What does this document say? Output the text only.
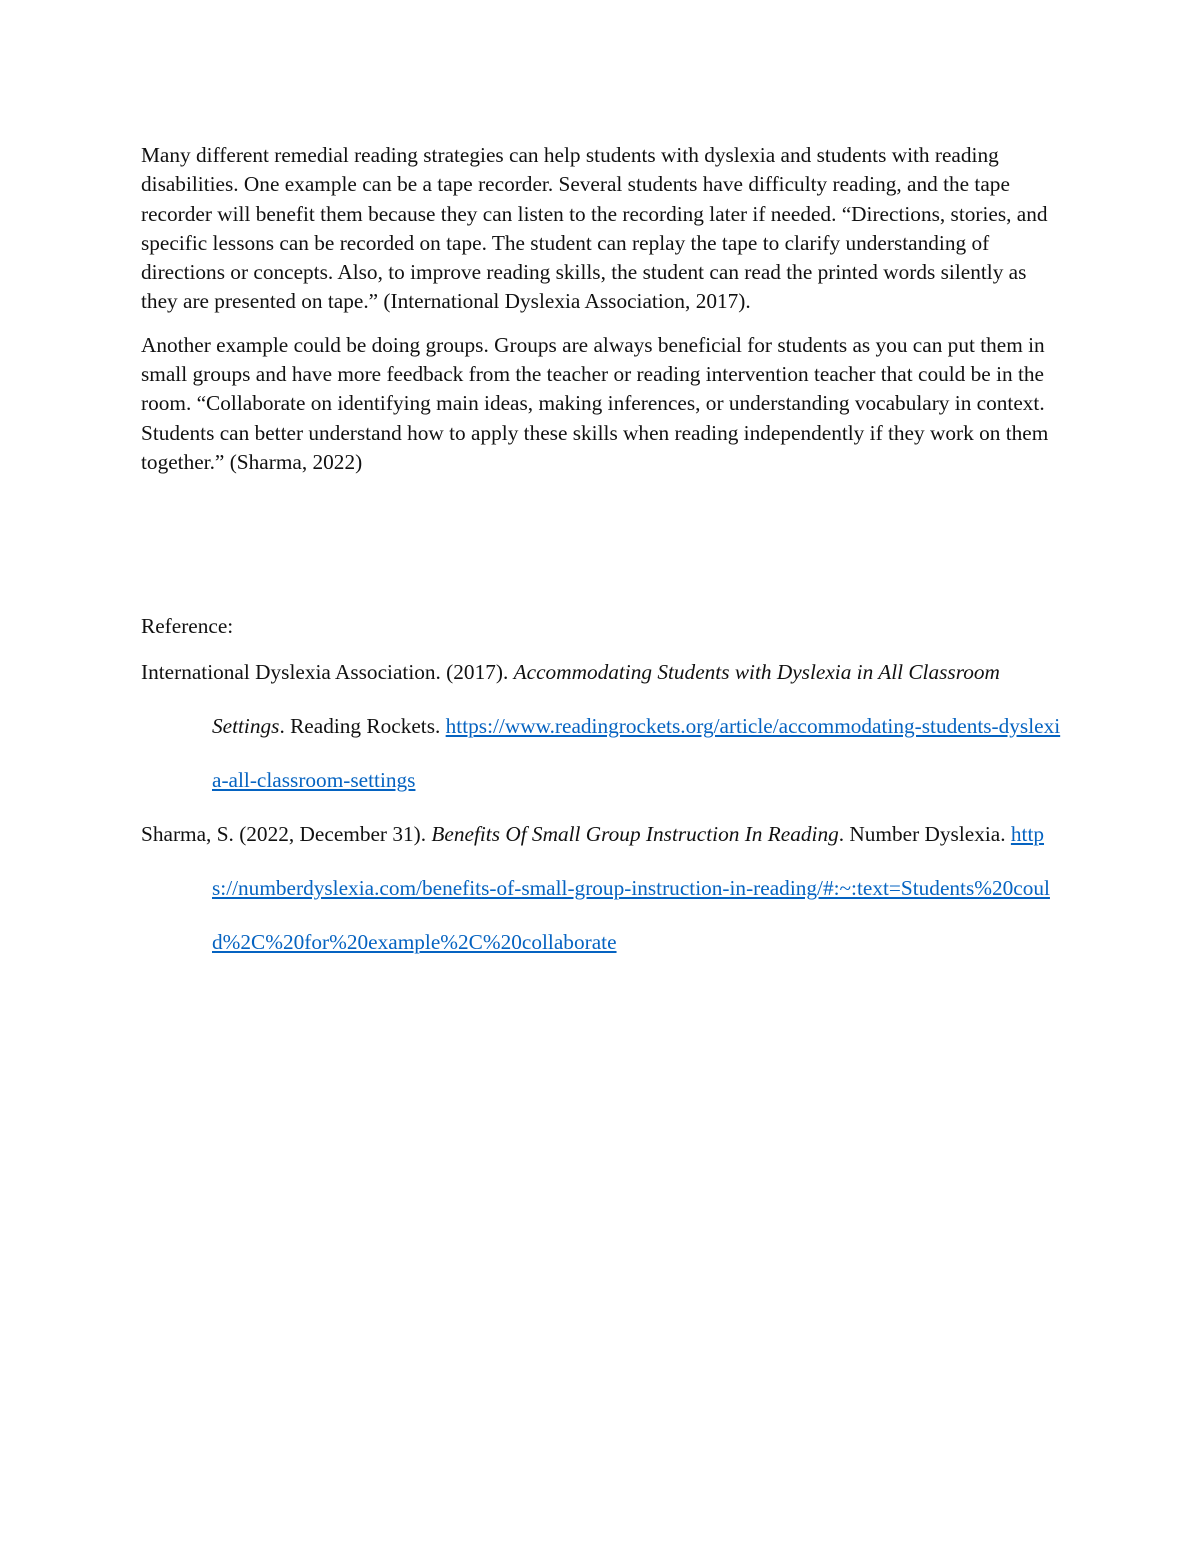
Many different remedial reading strategies can help students with dyslexia and students with reading disabilities. One example can be a tape recorder. Several students have difficulty reading, and the tape recorder will benefit them because they can listen to the recording later if needed. “Directions, stories, and specific lessons can be recorded on tape. The student can replay the tape to clarify understanding of directions or concepts. Also, to improve reading skills, the student can read the printed words silently as they are presented on tape.” (International Dyslexia Association, 2017).

Another example could be doing groups. Groups are always beneficial for students as you can put them in small groups and have more feedback from the teacher or reading intervention teacher that could be in the room. “Collaborate on identifying main ideas, making inferences, or understanding vocabulary in context. Students can better understand how to apply these skills when reading independently if they work on them together.” (Sharma, 2022)

Reference:

International Dyslexia Association. (2017). Accommodating Students with Dyslexia in All Classroom Settings. Reading Rockets. https://www.readingrockets.org/article/accommodating-students-dyslexia-all-classroom-settings

Sharma, S. (2022, December 31). Benefits Of Small Group Instruction In Reading. Number Dyslexia. https://numberdyslexia.com/benefits-of-small-group-instruction-in-reading/#:~:text=Students%20could%2C%20for%20example%2C%20collaborate
